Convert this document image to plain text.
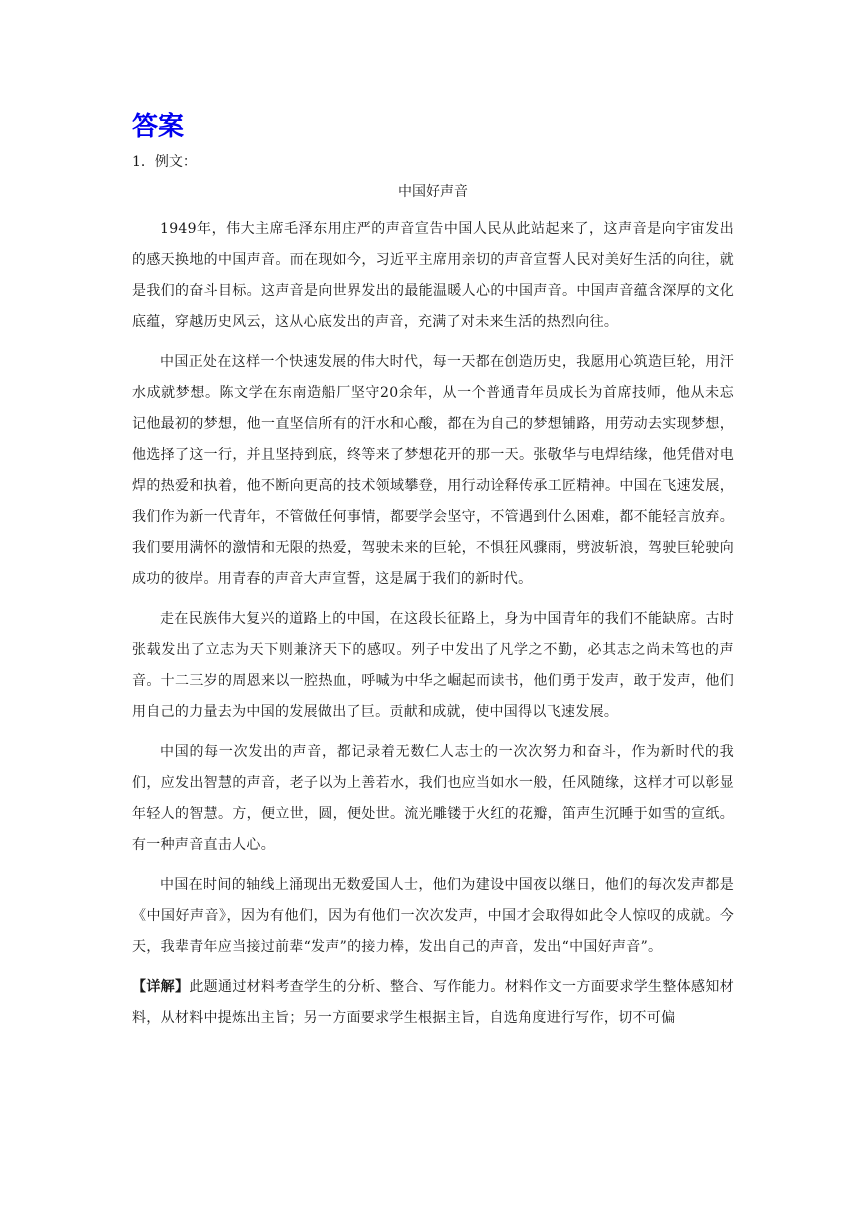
答案
1．例文：
中国好声音

1949年，伟大主席毛泽东用庄严的声音宣告中国人民从此站起来了，这声音是向宇宙发出的感天换地的中国声音。而在现如今，习近平主席用亲切的声音宣誓人民对美好生活的向往，就是我们的奋斗目标。这声音是向世界发出的最能温暖人心的中国声音。中国声音蕴含深厚的文化底蕴，穿越历史风云，这从心底发出的声音，充满了对未来生活的热烈向往。

中国正处在这样一个快速发展的伟大时代，每一天都在创造历史，我愿用心筑造巨轮，用汗水成就梦想。陈文学在东南造船厂坚守20余年，从一个普通青年员成长为首席技师，他从未忘记他最初的梦想，他一直坚信所有的汗水和心酸，都在为自己的梦想铺路，用劳动去实现梦想，他选择了这一行，并且坚持到底，终等来了梦想花开的那一天。张敬华与电焊结缘，他凭借对电焊的热爱和执着，他不断向更高的技术领域攀登，用行动诠释传承工匠精神。中国在飞速发展，我们作为新一代青年，不管做任何事情，都要学会坚守，不管遇到什么困难，都不能轻言放弃。我们要用满怀的激情和无限的热爱，驾驶未来的巨轮，不惧狂风骤雨，劈波斩浪，驾驶巨轮驶向成功的彼岸。用青春的声音大声宣誓，这是属于我们的新时代。

走在民族伟大复兴的道路上的中国，在这段长征路上，身为中国青年的我们不能缺席。古时张载发出了立志为天下则兼济天下的感叹。列子中发出了凡学之不勤，必其志之尚未笃也的声音。十二三岁的周恩来以一腔热血，呼喊为中华之崛起而读书，他们勇于发声，敢于发声，他们用自己的力量去为中国的发展做出了巨。贡献和成就，使中国得以飞速发展。

中国的每一次发出的声音，都记录着无数仁人志士的一次次努力和奋斗，作为新时代的我们，应发出智慧的声音，老子以为上善若水，我们也应当如水一般，任风随缘，这样才可以彰显年轻人的智慧。方，便立世，圆，便处世。流光雕镂于火红的花瓣，笛声生沉睡于如雪的宣纸。有一种声音直击人心。

中国在时间的轴线上涌现出无数爱国人士，他们为建设中国夜以继日，他们的每次发声都是《中国好声音》，因为有他们，因为有他们一次次发声，中国才会取得如此令人惊叹的成就。今天，我辈青年应当接过前辈“发声”的接力棒，发出自己的声音，发出“中国好声音”。

【详解】此题通过材料考查学生的分析、整合、写作能力。材料作文一方面要求学生整体感知材料，从材料中提炼出主旨；另一方面要求学生根据主旨，自选角度进行写作，切不可偏
